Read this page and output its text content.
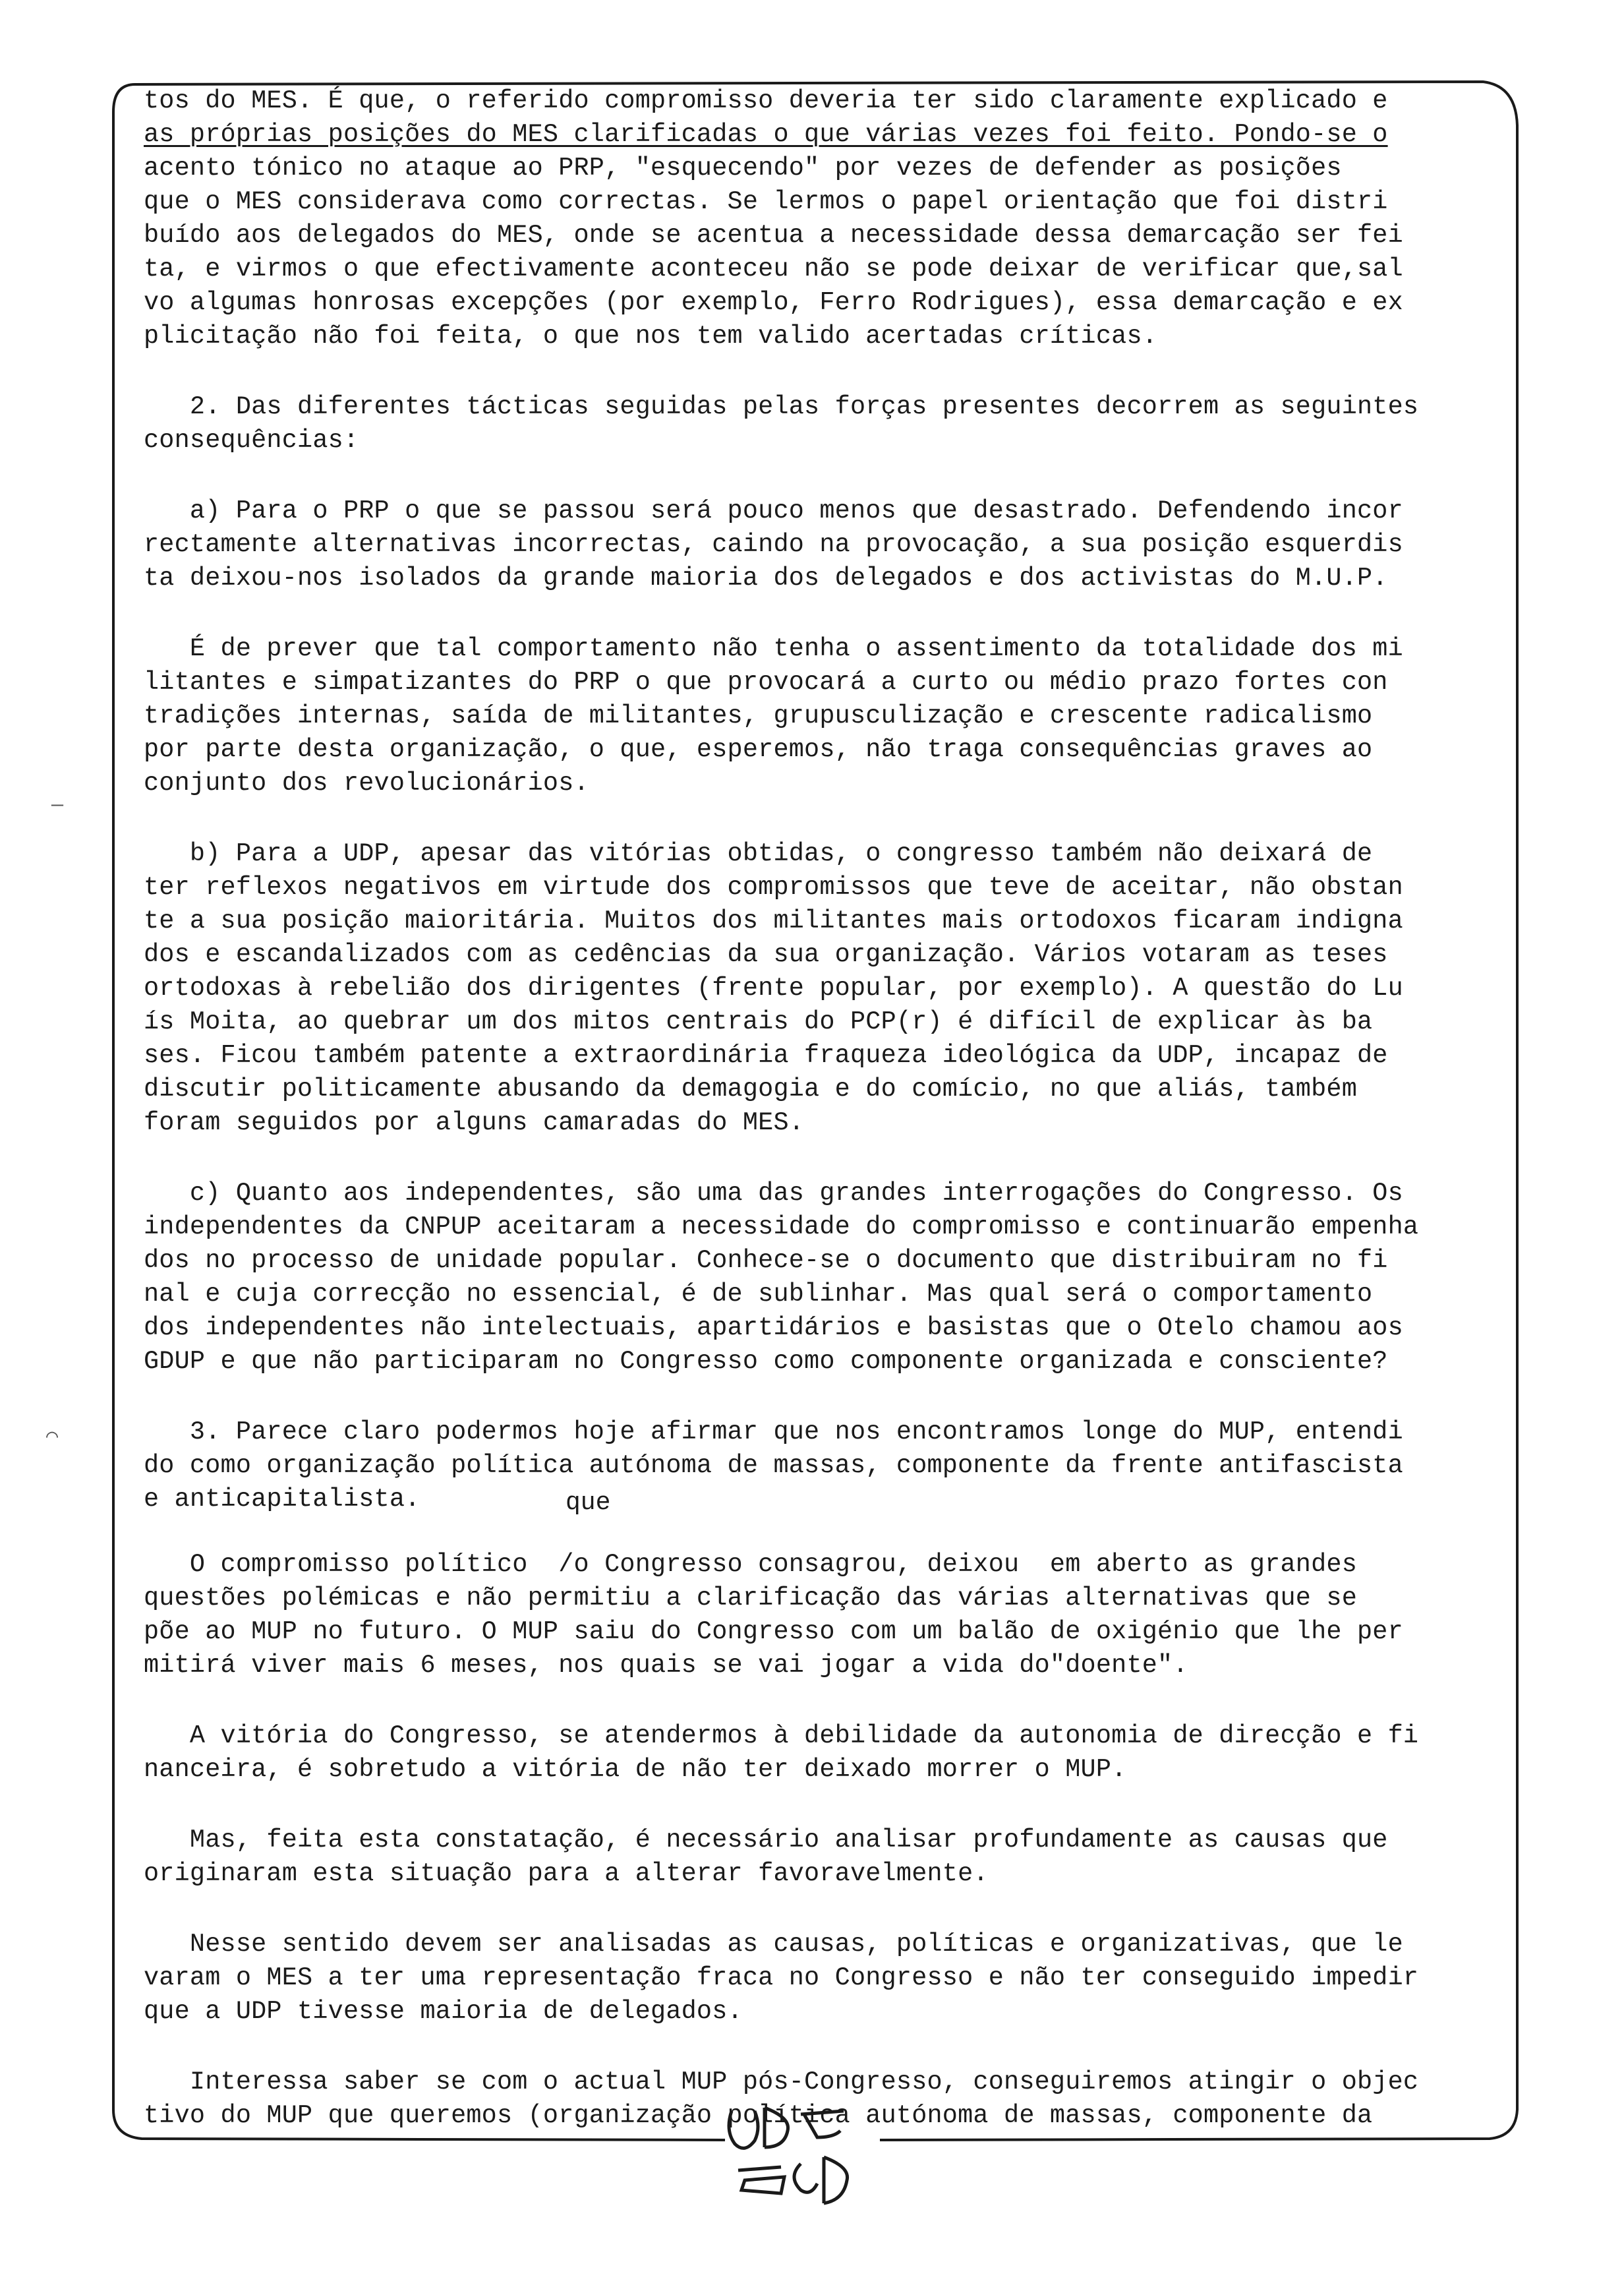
tos do MES. É que, o referido compromisso deveria ter sido claramente explicado e
as próprias posições do MES clarificadas o que várias vezes foi feito. Pondo-se o
acento tónico no ataque ao PRP, "esquecendo" por vezes de defender as posições
que o MES considerava como correctas. Se lermos o papel orientação que foi distri
buído aos delegados do MES, onde se acentua a necessidade dessa demarcação ser fei
ta, e virmos o que efectivamente aconteceu não se pode deixar de verificar que,sal
vo algumas honrosas excepções (por exemplo, Ferro Rodrigues), essa demarcação e ex
plicitação não foi feita, o que nos tem valido acertadas críticas.
2. Das diferentes tácticas seguidas pelas forças presentes decorrem as seguintes
consequências:
a) Para o PRP o que se passou será pouco menos que desastrado. Defendendo incor
rectamente alternativas incorrectas, caindo na provocação, a sua posição esquerdis
ta deixou-nos isolados da grande maioria dos delegados e dos activistas do M.U.P.
É de prever que tal comportamento não tenha o assentimento da totalidade dos mi
litantes e simpatizantes do PRP o que provocará a curto ou médio prazo fortes con
tradições internas, saída de militantes, grupusculização e crescente radicalismo
por parte desta organização, o que, esperemos, não traga consequências graves ao
conjunto dos revolucionários.
b) Para a UDP, apesar das vitórias obtidas, o congresso também não deixará de
ter reflexos negativos em virtude dos compromissos que teve de aceitar, não obstan
te a sua posição maioritária. Muitos dos militantes mais ortodoxos ficaram indigna
dos e escandalizados com as cedências da sua organização. Vários votaram as teses
ortodoxas à rebelião dos dirigentes (frente popular, por exemplo). A questão do Lu
ís Moita, ao quebrar um dos mitos centrais do PCP(r) é difícil de explicar às ba
ses. Ficou também patente a extraordinária fraqueza ideológica da UDP, incapaz de
discutir politicamente abusando da demagogia e do comício, no que aliás, também
foram seguidos por alguns camaradas do MES.
c) Quanto aos independentes, são uma das grandes interrogações do Congresso. Os
independentes da CNPUP aceitaram a necessidade do compromisso e continuarão empenha
dos no processo de unidade popular. Conhece-se o documento que distribuiram no fi
nal e cuja correcção no essencial, é de sublinhar. Mas qual será o comportamento
dos independentes não intelectuais, apartidários e basistas que o Otelo chamou aos
GDUP e que não participaram no Congresso como componente organizada e consciente?
3. Parece claro podermos hoje afirmar que nos encontramos longe do MUP, entendi
do como organização política autónoma de massas, componente da frente antifascista
e anticapitalista.
O compromisso político  /o Congresso consagrou, deixou  em aberto as grandes
questões polémicas e não permitiu a clarificação das várias alternativas que se
põe ao MUP no futuro. O MUP saiu do Congresso com um balão de oxigénio que lhe per
mitirá viver mais 6 meses, nos quais se vai jogar a vida do"doente".
A vitória do Congresso, se atendermos à debilidade da autonomia de direcção e fi
nanceira, é sobretudo a vitória de não ter deixado morrer o MUP.
Mas, feita esta constatação, é necessário analisar profundamente as causas que
originaram esta situação para a alterar favoravelmente.
Nesse sentido devem ser analisadas as causas, políticas e organizativas, que le
varam o MES a ter uma representação fraca no Congresso e não ter conseguido impedir
que a UDP tivesse maioria de delegados.
Interessa saber se com o actual MUP pós-Congresso, conseguiremos atingir o objec
tivo do MUP que queremos (organização política autónoma de massas, componente da
que
—
⌒
